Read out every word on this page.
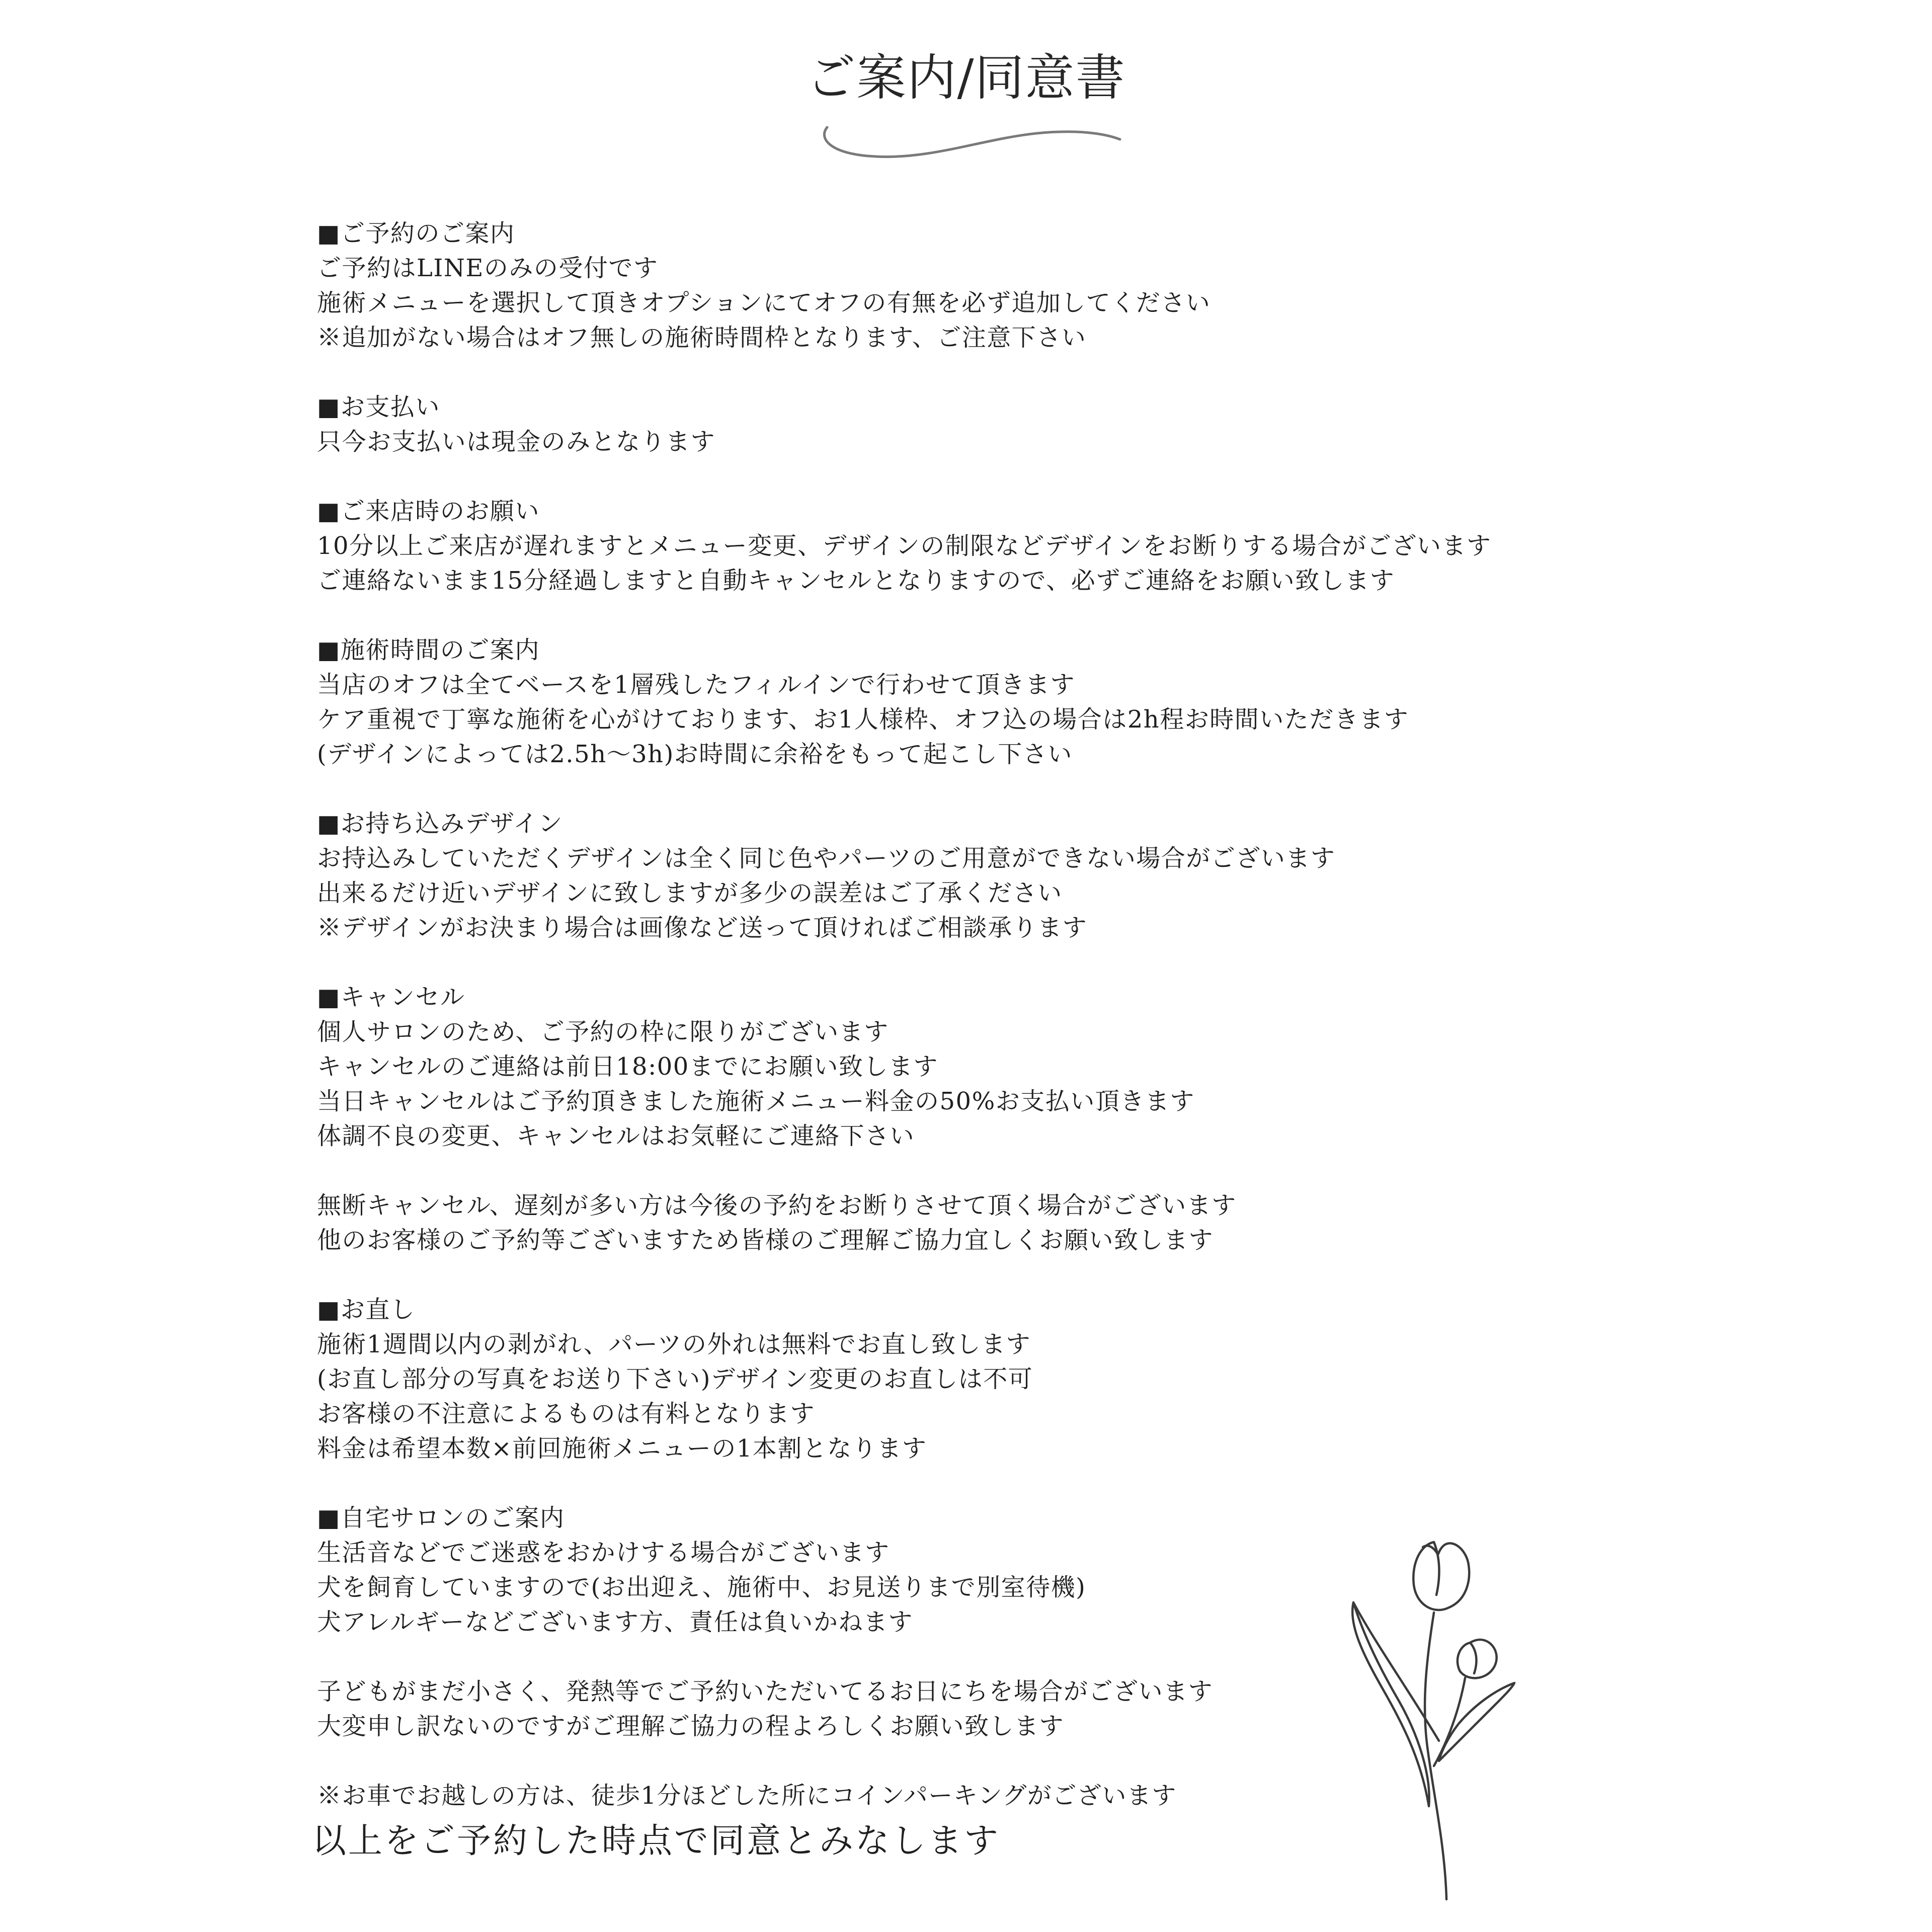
ご案内/同意書
■ご予約のご案内
ご予約はLINEのみの受付です
施術メニューを選択して頂きオプションにてオフの有無を必ず追加してください
※追加がない場合はオフ無しの施術時間枠となります、ご注意下さい
■お支払い
只今お支払いは現金のみとなります
■ご来店時のお願い
10分以上ご来店が遅れますとメニュー変更、デザインの制限などデザインをお断りする場合がございます
ご連絡ないまま15分経過しますと自動キャンセルとなりますので、必ずご連絡をお願い致します
■施術時間のご案内
当店のオフは全てベースを1層残したフィルインで行わせて頂きます
ケア重視で丁寧な施術を心がけております、お1人様枠、オフ込の場合は2h程お時間いただきます
(デザインによっては2.5h〜3h)お時間に余裕をもって起こし下さい
■お持ち込みデザイン
お持込みしていただくデザインは全く同じ色やパーツのご用意ができない場合がございます
出来るだけ近いデザインに致しますが多少の誤差はご了承ください
※デザインがお決まり場合は画像など送って頂ければご相談承ります
■キャンセル
個人サロンのため、ご予約の枠に限りがございます
キャンセルのご連絡は前日18:00までにお願い致します
当日キャンセルはご予約頂きました施術メニュー料金の50%お支払い頂きます
体調不良の変更、キャンセルはお気軽にご連絡下さい
無断キャンセル、遅刻が多い方は今後の予約をお断りさせて頂く場合がございます
他のお客様のご予約等ございますため皆様のご理解ご協力宜しくお願い致します
■お直し
施術1週間以内の剥がれ、パーツの外れは無料でお直し致します
(お直し部分の写真をお送り下さい)デザイン変更のお直しは不可
お客様の不注意によるものは有料となります
料金は希望本数×前回施術メニューの1本割となります
■自宅サロンのご案内
生活音などでご迷惑をおかけする場合がございます
犬を飼育していますので(お出迎え、施術中、お見送りまで別室待機)
犬アレルギーなどございます方、責任は負いかねます
子どもがまだ小さく、発熱等でご予約いただいてるお日にちを場合がございます
大変申し訳ないのですがご理解ご協力の程よろしくお願い致します
※お車でお越しの方は、徒歩1分ほどした所にコインパーキングがございます
以上をご予約した時点で同意とみなします
